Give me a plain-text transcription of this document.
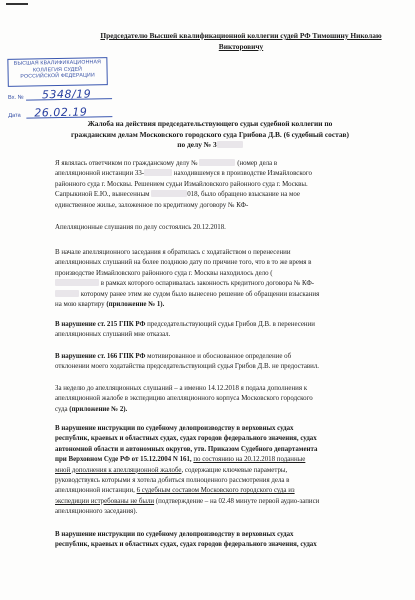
Председателю Высшей квалификационной коллегии судей РФ Тимошину Николаю
Викторовичу
ВЫСШАЯ КВАЛИФИКАЦИОННАЯ
КОЛЛЕГИЯ СУДЕЙ
РОССИЙСКОЙ ФЕДЕРАЦИИ
Вх. № 5348/19
Дата 26.02.19
Жалоба на действия председательствующего судьи судебной коллегии по
гражданским делам Московского городского суда Грибова Д.В. (6 судебный состав)
по делу № 3
Я являлась ответчиком по гражданскому делу №	(номер дела в
апелляционной инстанции 33-	находившемуся в производстве Измайловского
районного суда г. Москвы. Решением судьи Измайловского районного суда г. Москвы.
Сапрыкиной Е.Ю., вынесенным	018, было обращено взыскание на мое
единственное жилье, заложенное по кредитному договору № КФ-
Апелляционные слушания по делу состоялись 20.12.2018.
В начале апелляционного заседания я обратилась с ходатайством о перенесении
апелляционных слушаний на более позднюю дату по причине того, что в то же время в
производстве Измайловского районного суда г. Москвы находилось дело (
в рамках которого оспаривалась законность кредитного договора № КФ-
которому ранее этим же судом было вынесено решение об обращении взыскания
на мою квартиру (приложение № 1).
В нарушение ст. 215 ГПК РФ председательствующий судья Грибов Д.В. в перенесении
апелляционных слушаний мне отказал.
В нарушение ст. 166 ГПК РФ мотивированное и обоснованное определение об
отклонении моего ходатайства председательствующий судья Грибов Д.В. не предоставил.
За неделю до апелляционных слушаний – а именно 14.12.2018 я подала дополнения к
апелляционной жалобе в экспедицию апелляционного корпуса Московского городского
суда (приложение № 2).
В нарушение инструкции по судебному делопроизводству в верховных судах
республик, краевых и областных судах, судах городов федерального значения, судах
автономной области и автономных округов, утв. Приказом Судебного департамента
при Верховном Суде РФ от 15.12.2004 N 161, по состоянию на 20.12.2018 поданные
мной дополнения к апелляционной жалобе, содержащие ключевые параметры,
руководствуясь которыми я хотела добиться полноценного рассмотрения дела в
апелляционной инстанции, 6 судебным составом Московского городского суда из
экспедиции истребованы не были (подтверждение – на 02.48 минуте первой аудио-записи
апелляционного заседания).
В нарушение инструкции по судебному делопроизводству в верховных судах
республик, краевых и областных судах, судах городов федерального значения, судах
